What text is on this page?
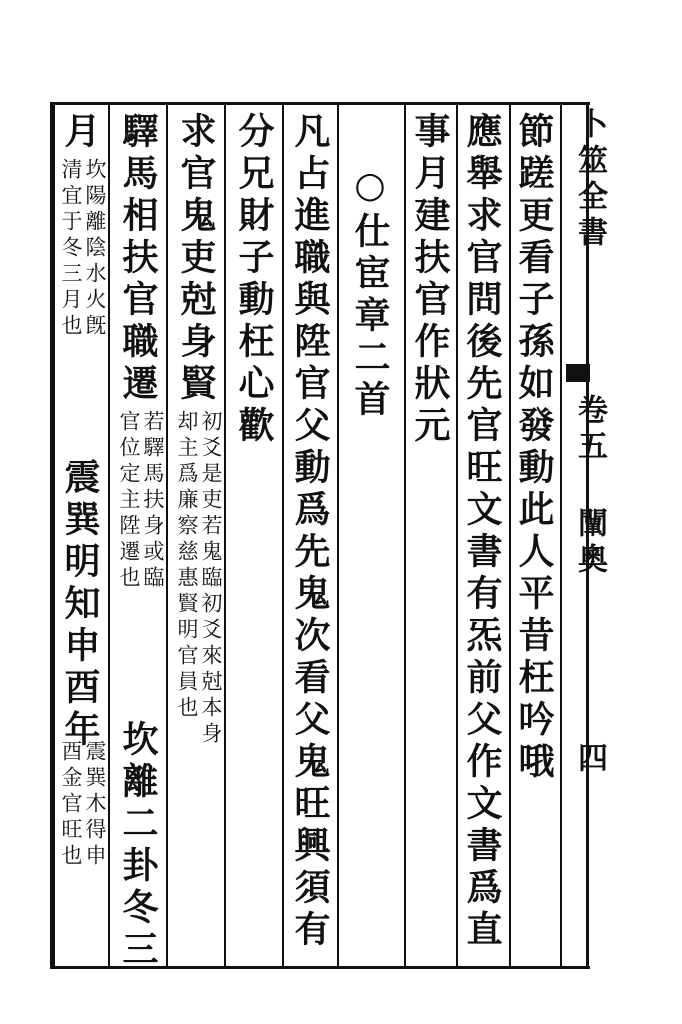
卜筮全書
卷五 闡奧
四
節蹉更看子孫如發動此人平昔枉吟哦
應舉求官問後先官旺文書有炁前父作文書爲直
事月建扶官作狀元
○仕宦章二首
凡占進職與陞官父動爲先鬼次看父鬼旺興須有
分兄財子動枉心歡
求官鬼吏尅身賢
驛馬相扶官職遷
月
震巽明知申酉年	初爻是吏若鬼臨初爻來尅本身
却主爲廉察慈惠賢明官員也
若驛馬扶身或臨
官位定主陞遷也
坎離二卦冬三
震巽木得申
坎陽離陰水火旣
清宜于冬三月也
酉金官旺也
